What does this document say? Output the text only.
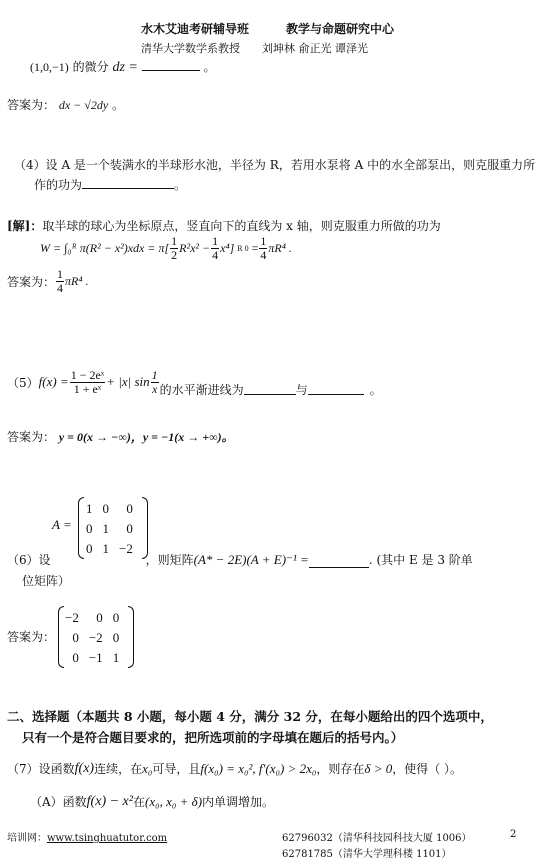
水木艾迪考研辅导班	教学与命题研究中心
清华大学数学系教授 刘坤林 俞正光 谭泽光
(1,0,−1) 的微分 dz =	。
答案为： dx − √2dy 。
（4）设 A 是一个装满水的半球形水池，半径为 R，若用水泵将 A 中的水全部泵出，则克服重力所
作的功为	。
[解]：取半球的球心为坐标原点，竖直向下的直线为 x 轴，则克服重力所做的功为
W = ∫₀ᴿ $\pi(R^2 - x^2)xdx = \pi[ \frac{1}{2} R^2x^2 - \frac{1}{4} x^4]$ R $0 = \frac{1}{4} \pi R^4$ .
答案为： $\frac{1}{4} \pi R^4$ .
（5） $f(x) = \frac{\text{1 − 2eˣ}}{\text{1 + eˣ}} + |x|$ $\sin \frac{1}{x}$ 的水平渐进线为	与	。
答案为： y = 0(x → −∞)，y = −1(x → +∞)。
A =
1 0	0
0 1	0
0 1 −2
（6）设	，则矩阵 (A* − 2E)(A + E)⁻¹ =	. (其中 E 是 3 阶单
位矩阵）
答案为：
−2	0 0
0 −2 0
0 −1 1
二、选择题（本题共 8 小题，每小题 4 分，满分 32 分，在每小题给出的四个选项中，
只有一个是符合题目要求的，把所选项前的字母填在题后的括号内。）
（7）设函数 f(x) 连续，在 x₀ 可导，且 f(x₀) = x₀², f′(x₀) > 2x₀ ，则存在 δ > 0 ，使得（ ）。
（A）函数 f(x) − x² 在 (x₀, x₀ + δ) 内单调增加。
培训网：www.tsinghuatutor.com	62796032（清华科技园科技大厦 1006）
62781785（清华大学理科楼 1101）
2
